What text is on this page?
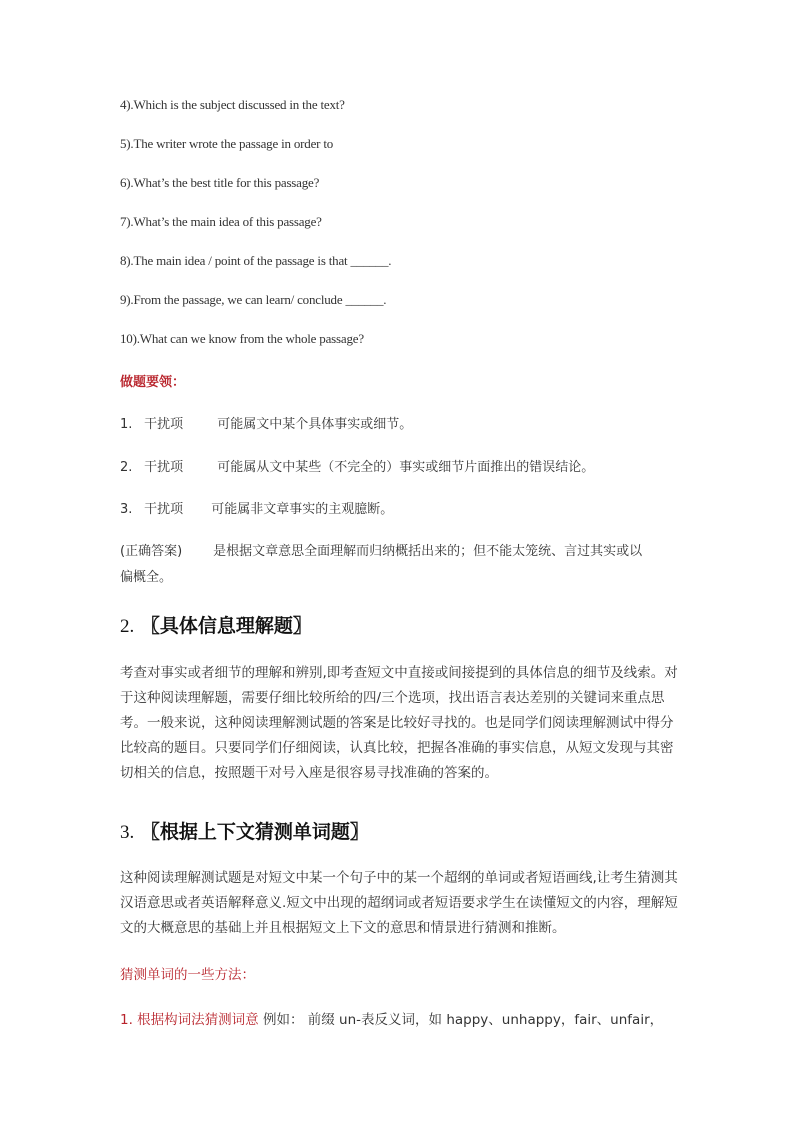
4).Which is the subject discussed in the text?
5).The writer wrote the passage in order to
6).What’s the best title for this passage?
7).What’s the main idea of this passage?
8).The main idea / point of the passage is that ______.
9).From the passage, we can learn/ conclude ______.
10).What can we know from the whole passage?
做题要领：
1. 干扰项	可能属文中某个具体事实或细节。
2. 干扰项	可能属从文中某些（不完全的）事实或细节片面推出的错误结论。
3. 干扰项 可能属非文章事实的主观臆断。
(正确答案) 是根据文章意思全面理解而归纳概括出来的；但不能太笼统、言过其实或以
偏概全。
2. 〖具体信息理解题〗
考查对事实或者细节的理解和辨别,即考查短文中直接或间接提到的具体信息的细节及线索。对于这种阅读理解题，需要仔细比较所给的四/三个选项，找出语言表达差别的关键词来重点思考。一般来说，这种阅读理解测试题的答案是比较好寻找的。也是同学们阅读理解测试中得分比较高的题目。只要同学们仔细阅读，认真比较，把握各准确的事实信息，从短文发现与其密切相关的信息，按照题干对号入座是很容易寻找准确的答案的。
3. 〖根据上下文猜测单词题〗
这种阅读理解测试题是对短文中某一个句子中的某一个超纲的单词或者短语画线,让考生猜测其汉语意思或者英语解释意义.短文中出现的超纲词或者短语要求学生在读懂短文的内容，理解短文的大概意思的基础上并且根据短文上下文的意思和情景进行猜测和推断。
猜测单词的一些方法：
1. 根据构词法猜测词意 例如： 前缀 un-表反义词，如 happy、unhappy，fair、unfair，
